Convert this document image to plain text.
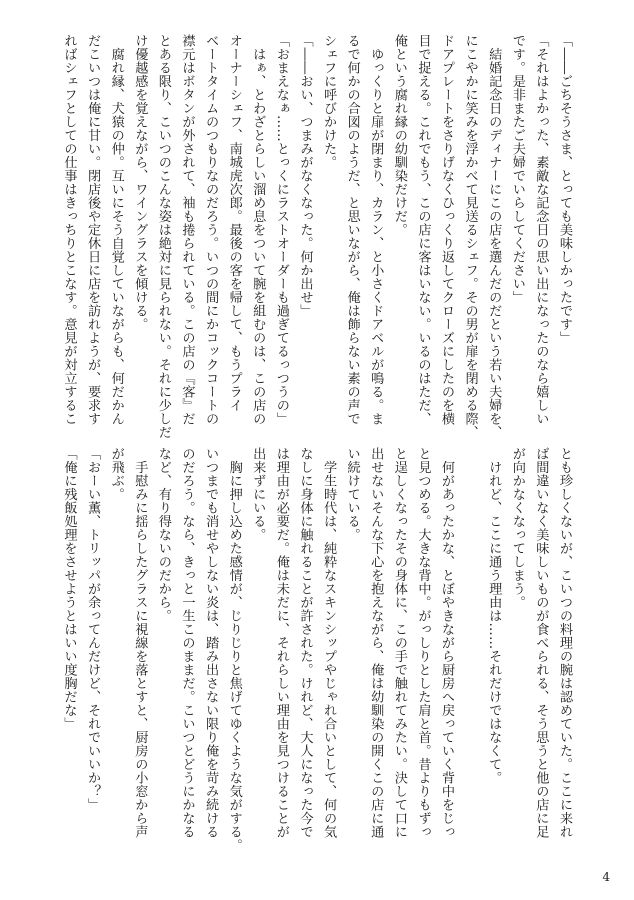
「――ごちそうさま、とっても美味しかったです」
「それはよかった、素敵な記念日の思い出になったのなら嬉しい
です。是非またご夫婦でいらしてください」
　結婚記念日のディナーにこの店を選んだのだという若い夫婦を、
にこやかに笑みを浮かべて見送るシェフ。その男が扉を閉める際、
ドアプレートをさりげなくひっくり返してクローズにしたのを横
目で捉える。これでもう、この店に客はいない。いるのはただ、
俺という腐れ縁の幼馴染だけだ。
　ゆっくりと扉が閉まり、カラン、と小さくドアベルが鳴る。ま
るで何かの合図のようだ、と思いながら、俺は飾らない素の声で
シェフに呼びかけた。
「――おい、つまみがなくなった。何か出せ」
「おまえなぁ……とっくにラストオーダーも過ぎてるっつうの」
　はぁ、とわざとらしい溜め息をついて腕を組むのは、この店の
オーナーシェフ、南城虎次郎。最後の客を帰して、もうプライ
ベートタイムのつもりなのだろう。いつの間にかコックコートの
襟元はボタンが外されて、袖も捲られている。この店の『客』だ
とある限り、こいつのこんな姿は絶対に見られない。それに少しだ
け優越感を覚えながら、ワイングラスを傾ける。
　腐れ縁、犬猿の仲。互いにそう自覚していながらも、何だかん
だこいつは俺に甘い。閉店後や定休日に店を訪れようが、要求す
ればシェフとしての仕事はきっちりとこなす。意見が対立するこ
とも珍しくないが、こいつの料理の腕は認めていた。ここに来れ
ば間違いなく美味しいものが食べられる、そう思うと他の店に足
が向かなくなってしまう。
　けれど、ここに通う理由は……それだけではなくて。

　何があったかな、とぼやきながら厨房へ戻っていく背中をじっ
と見つめる。大きな背中。がっしりとした肩と首。昔よりもずっ
と逞しくなったその身体に、この手で触れてみたい。決して口に
出せないそんな下心を抱えながら、俺は幼馴染の開くこの店に通
い続けている。
　学生時代は、純粋なスキンシップやじゃれ合いとして、何の気
なしに身体に触れることが許された。けれど、大人になった今で
は理由が必要だ。俺は未だに、それらしい理由を見つけることが
出来ずにいる。
　胸に押し込めた感情が、じりじりと焦げてゆくような気がする。
いつまでも消せやしない炎は、踏み出さない限り俺を苛み続ける
のだろう。なら、きっと一生このままだ。こいつとどうにかなる
など、有り得ないのだから。
　手慰みに揺らしたグラスに視線を落とすと、厨房の小窓から声
が飛ぶ。
「おーい薫、トリッパが余ってんだけど、それでいいか？」
「俺に残飯処理をさせようとはいい度胸だな」
4
